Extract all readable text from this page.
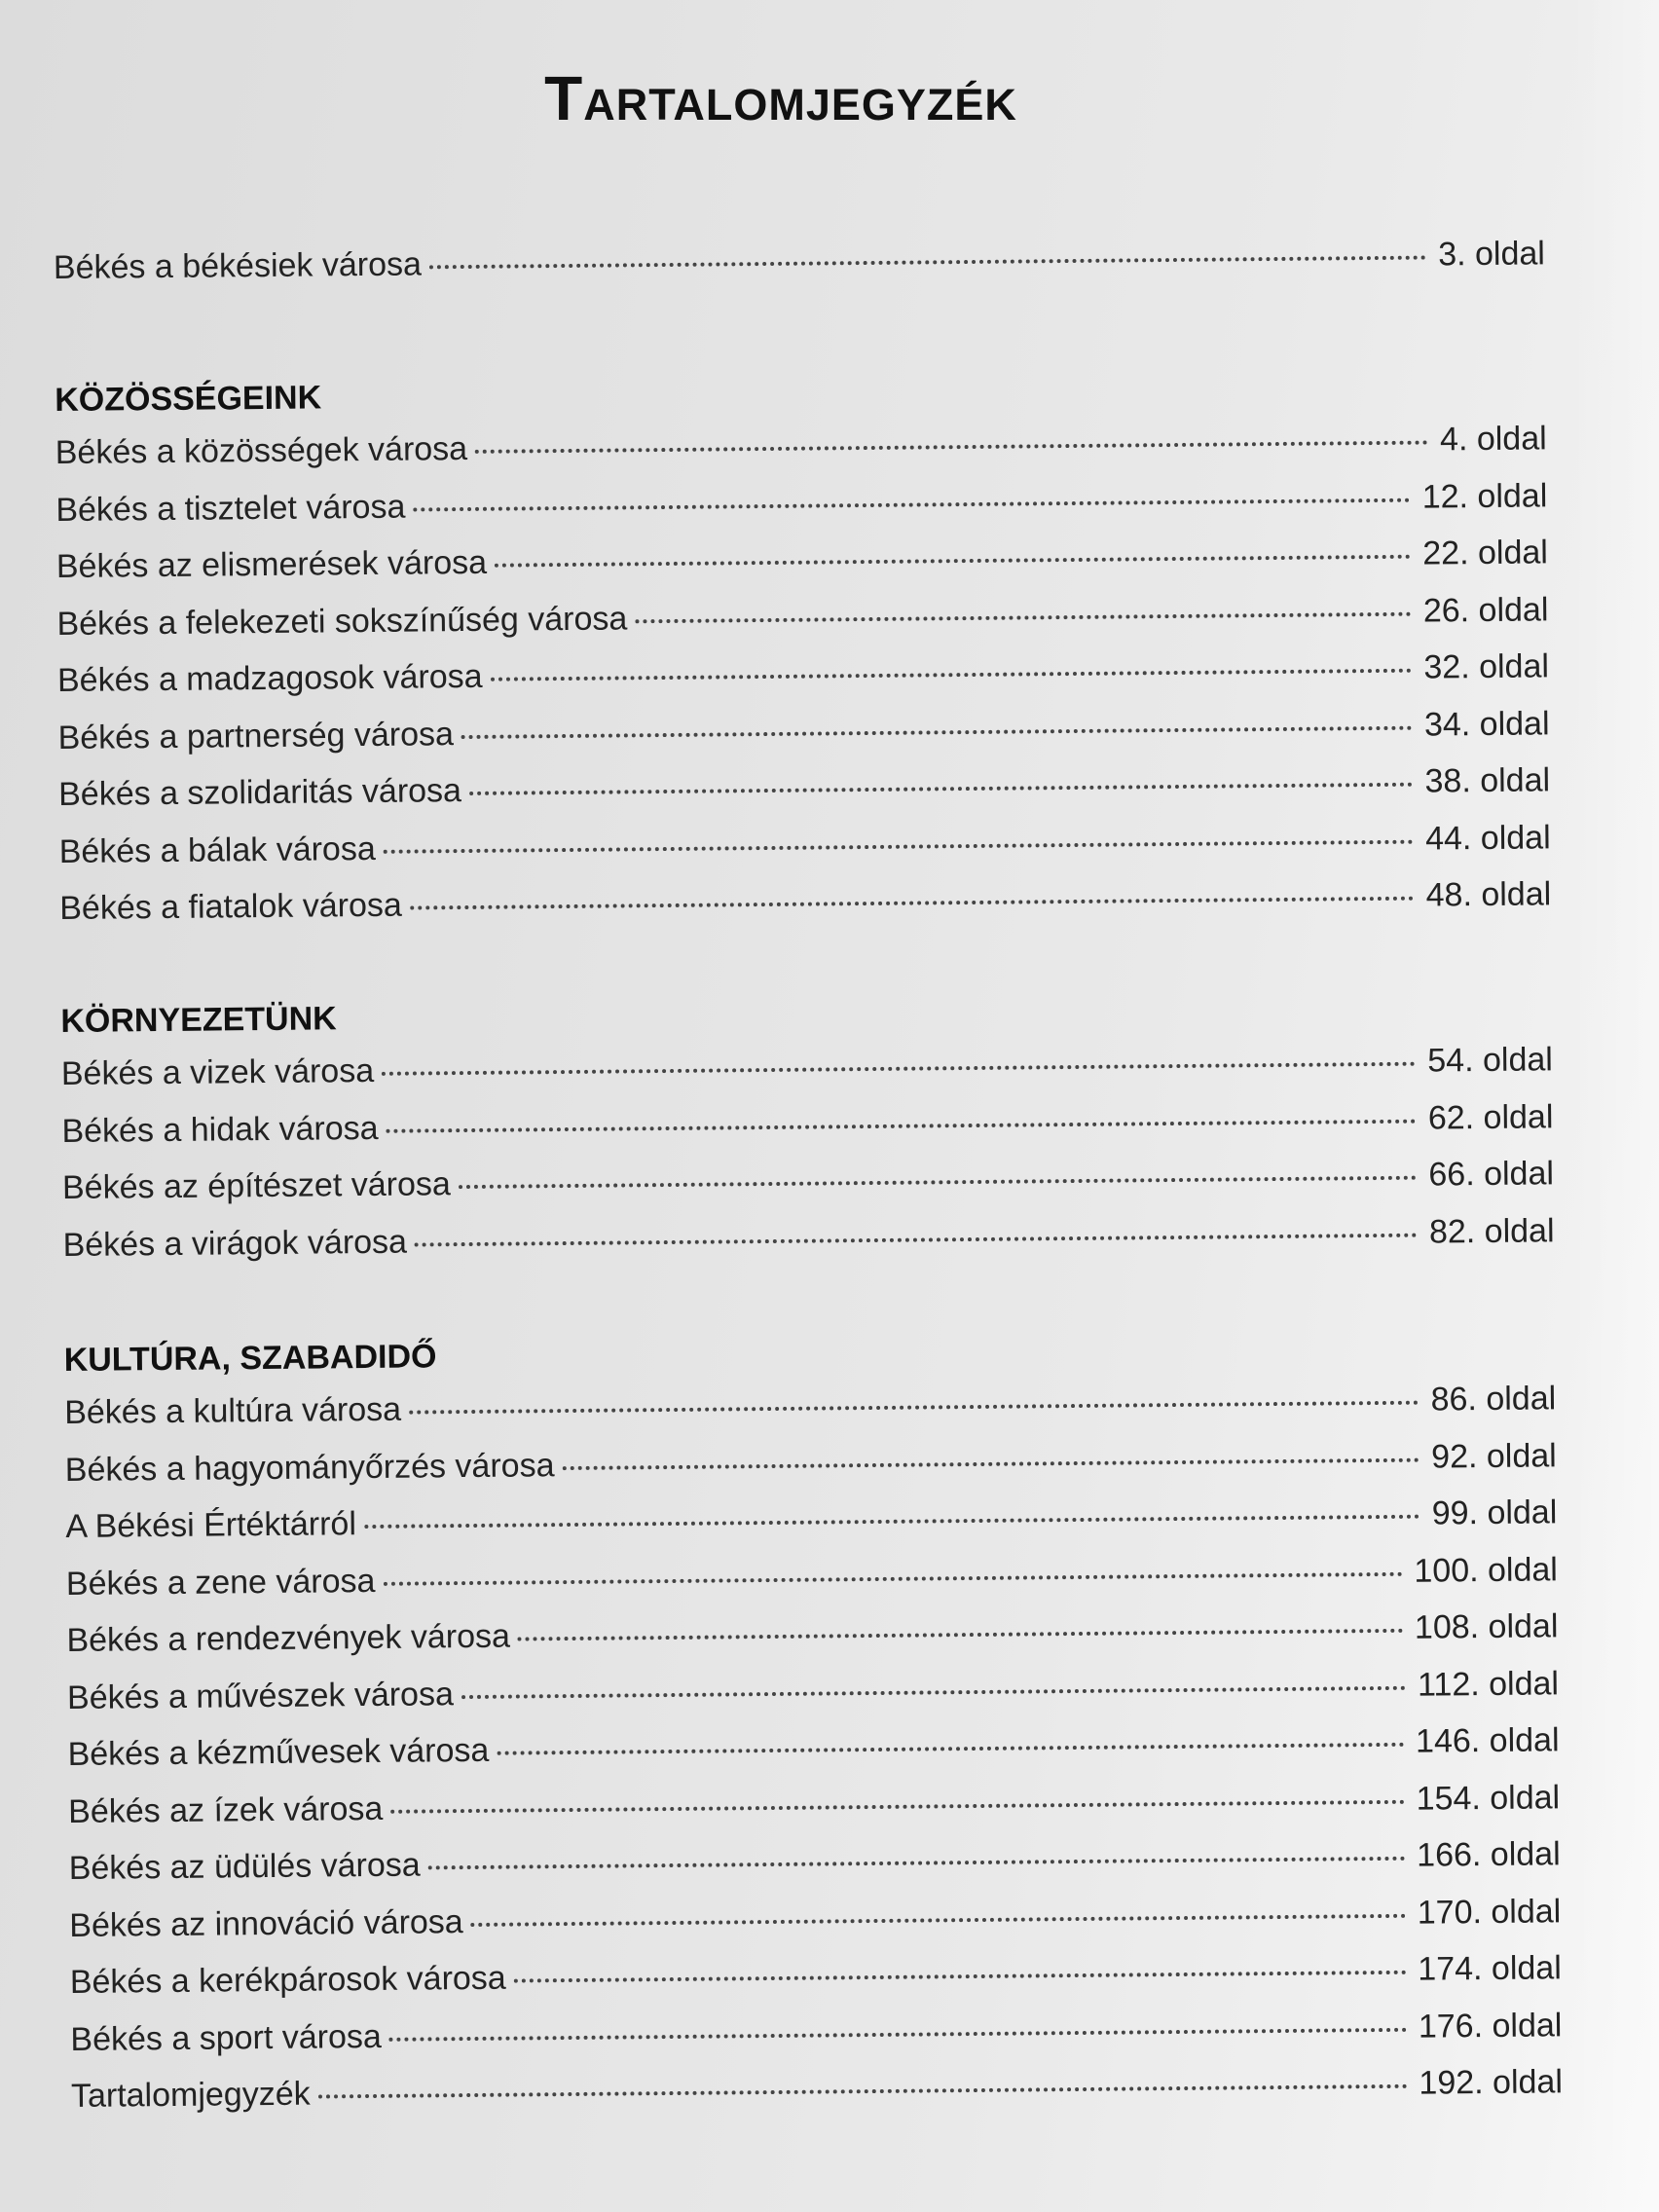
Tartalomjegyzék
Békés a békésiek városa	3. oldal
KÖZÖSSÉGEINK
Békés a közösségek városa	4. oldal
Békés a tisztelet városa	12. oldal
Békés az elismerések városa	22. oldal
Békés a felekezeti sokszínűség városa	26. oldal
Békés a madzagosok városa	32. oldal
Békés a partnerség városa	34. oldal
Békés a szolidaritás városa	38. oldal
Békés a bálak városa	44. oldal
Békés a fiatalok városa	48. oldal
KÖRNYEZETÜNK
Békés a vizek városa	54. oldal
Békés a hidak városa	62. oldal
Békés az építészet városa	66. oldal
Békés a virágok városa	82. oldal
KULTÚRA, SZABADIDŐ
Békés a kultúra városa	86. oldal
Békés a hagyományőrzés városa	92. oldal
A Békési Értéktárról	99. oldal
Békés a zene városa	100. oldal
Békés a rendezvények városa	108. oldal
Békés a művészek városa	112. oldal
Békés a kézművesek városa	146. oldal
Békés az ízek városa	154. oldal
Békés az üdülés városa	166. oldal
Békés az innováció városa	170. oldal
Békés a kerékpárosok városa	174. oldal
Békés a sport városa	176. oldal
Tartalomjegyzék	192. oldal
